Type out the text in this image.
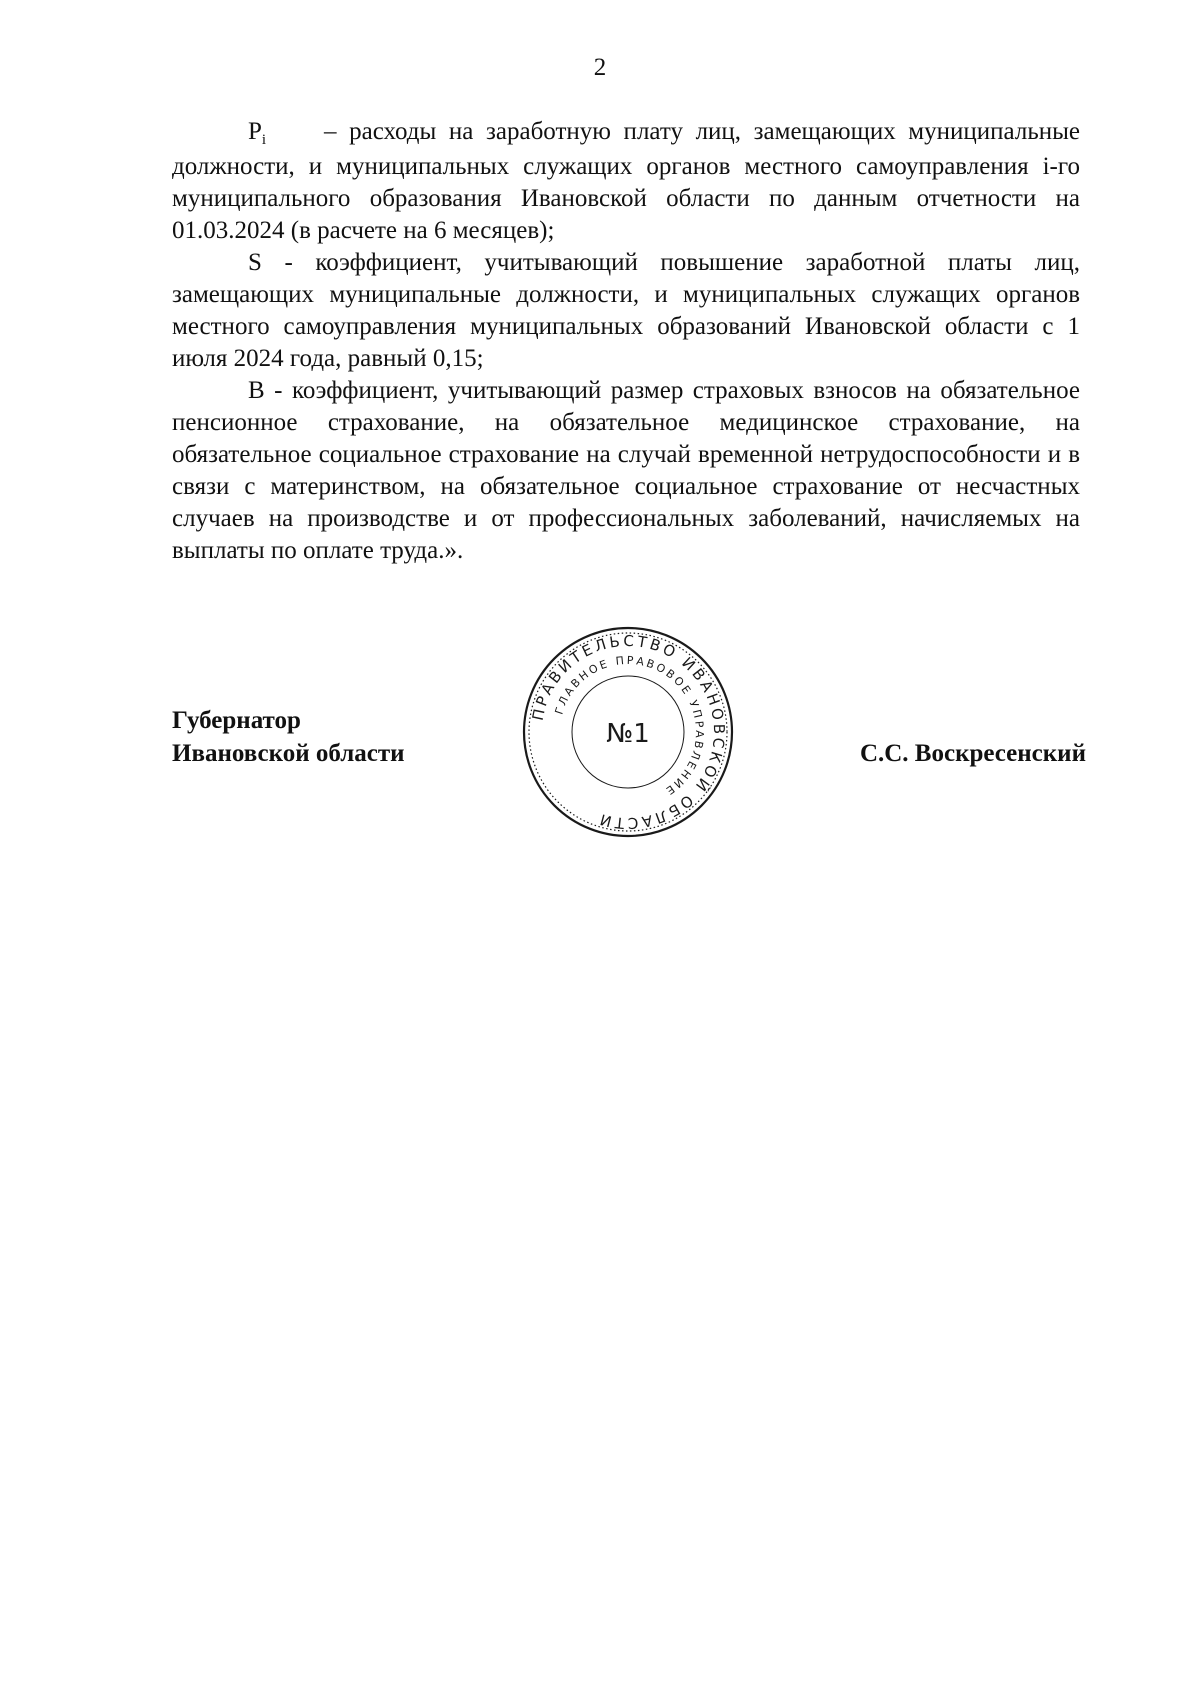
2

$P_i$ – расходы на заработную плату лиц, замещающих муниципальные должности, и муниципальных служащих органов местного самоуправления i-го муниципального образования Ивановской области по данным отчетности на 01.03.2024 (в расчете на 6 месяцев);

S - коэффициент, учитывающий повышение заработной платы лиц, замещающих муниципальные должности, и муниципальных служащих органов местного самоуправления муниципальных образований Ивановской области с 1 июля 2024 года, равный 0,15;

B - коэффициент, учитывающий размер страховых взносов на обязательное пенсионное страхование, на обязательное медицинское страхование, на обязательное социальное страхование на случай временной нетрудоспособности и в связи с материнством, на обязательное социальное страхование от несчастных случаев на производстве и от профессиональных заболеваний, начисляемых на выплаты по оплате труда.».

Губернатор
Ивановской области
ПРАВИТЕЛЬСТВО ИВАНОВСКОЙ ОБЛАСТИ
ГЛАВНОЕ ПРАВОВОЕ УПРАВЛЕНИЕ
№1
С.С. Воскресенский
